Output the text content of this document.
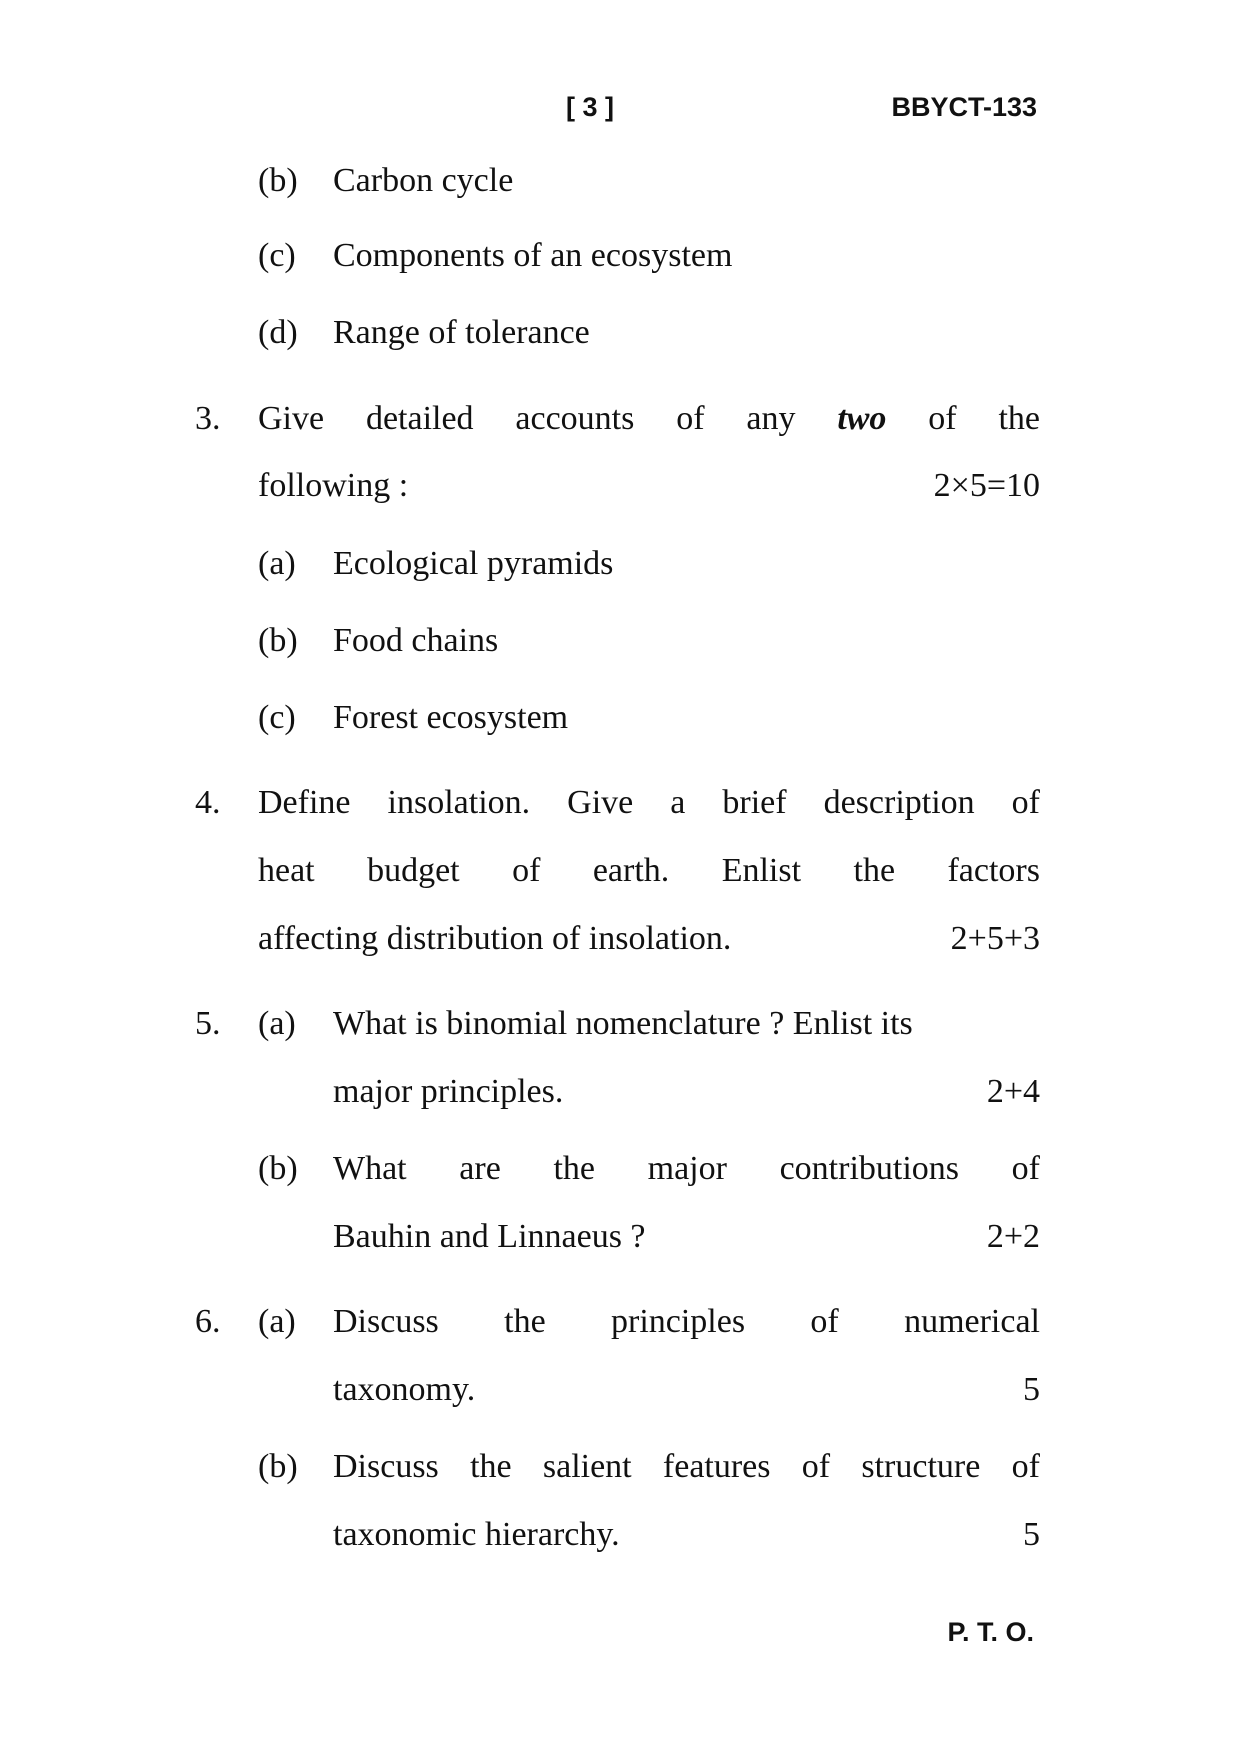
[ 3 ]	BBYCT-133
(b) Carbon cycle
(c) Components of an ecosystem
(d) Range of tolerance
3. Give detailed accounts of any two of the
following :	2×5=10
(a) Ecological pyramids
(b) Food chains
(c) Forest ecosystem
4. Define insolation. Give a brief description of
heat budget of earth. Enlist the factors
affecting distribution of insolation.	2+5+3
5. (a) What is binomial nomenclature ? Enlist its
major principles.	2+4
(b) What are the major contributions of
Bauhin and Linnaeus ?	2+2
6. (a) Discuss the principles of numerical
taxonomy.	5
(b) Discuss the salient features of structure of
taxonomic hierarchy.	5
P. T. O.
